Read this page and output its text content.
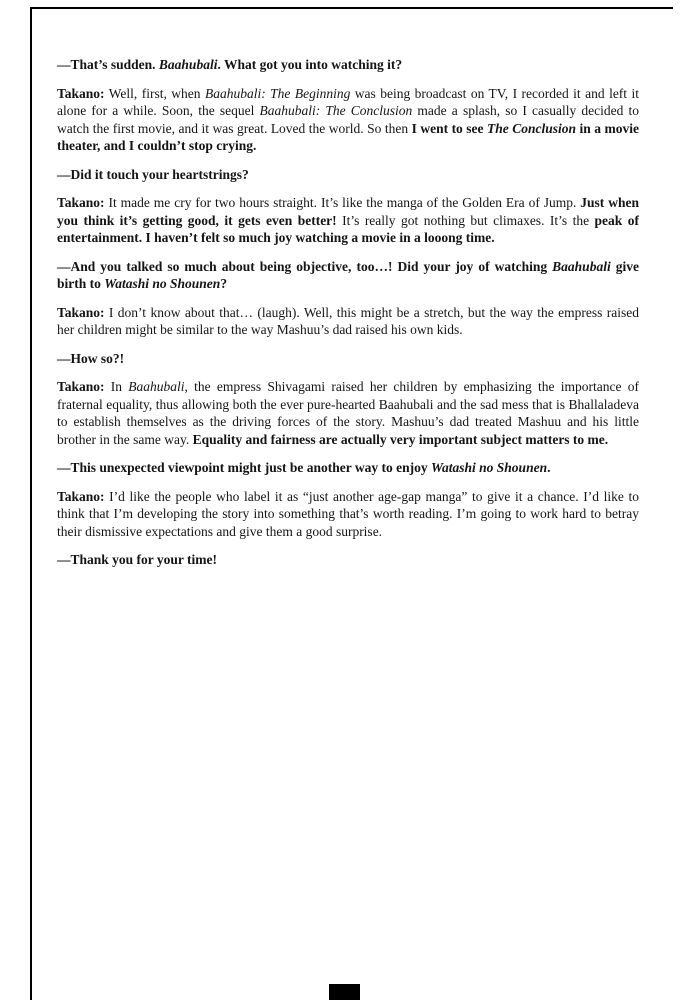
—That’s sudden. Baahubali. What got you into watching it?

Takano: Well, first, when Baahubali: The Beginning was being broadcast on TV, I recorded it and left it alone for a while. Soon, the sequel Baahubali: The Conclusion made a splash, so I casually decided to watch the first movie, and it was great. Loved the world. So then I went to see The Conclusion in a movie theater, and I couldn’t stop crying.

—Did it touch your heartstrings?

Takano: It made me cry for two hours straight. It’s like the manga of the Golden Era of Jump. Just when you think it’s getting good, it gets even better! It’s really got nothing but climaxes. It’s the peak of entertainment. I haven’t felt so much joy watching a movie in a looong time.

—And you talked so much about being objective, too…! Did your joy of watching Baahubali give birth to Watashi no Shounen?

Takano: I don’t know about that… (laugh). Well, this might be a stretch, but the way the empress raised her children might be similar to the way Mashuu’s dad raised his own kids.

—How so?!

Takano: In Baahubali, the empress Shivagami raised her children by emphasizing the importance of fraternal equality, thus allowing both the ever pure-hearted Baahubali and the sad mess that is Bhallaladeva to establish themselves as the driving forces of the story. Mashuu’s dad treated Mashuu and his little brother in the same way. Equality and fairness are actually very important subject matters to me.

—This unexpected viewpoint might just be another way to enjoy Watashi no Shounen.

Takano: I’d like the people who label it as “just another age-gap manga” to give it a chance. I’d like to think that I’m developing the story into something that’s worth reading. I’m going to work hard to betray their dismissive expectations and give them a good surprise.

—Thank you for your time!
